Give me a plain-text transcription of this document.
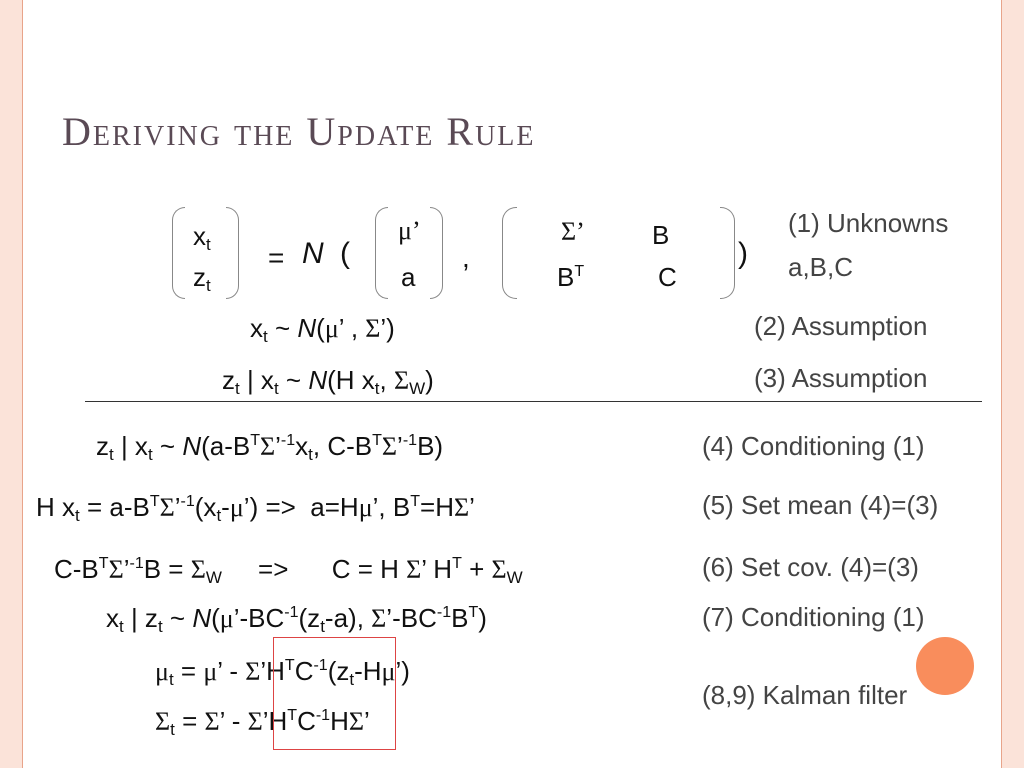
Deriving the Update Rule
$x_t$
$z_t$
= N (
μ’
a
,
Σ’	B
$B^T$	C
)
(1) Unknowns
a,B,C
(2) Assumption
(3) Assumption
(4) Conditioning (1)
(5) Set mean (4)=(3)
(6) Set cov. (4)=(3)
(7) Conditioning (1)
(8,9) Kalman filter
$x_t$ ~ N(μ’ , Σ’)
$z_t$ | $x_t$ ~ N(H $x_t$, $\Sigma_W$)
$z_t$ | $x_t$ ~ $N(a-B^T\Sigma’^{-1}x_t$, $C-B^T\Sigma’^{-1}B$)
H $x_t$ = $a-B^T\Sigma’^{-1}(x_t-\mu’) => a=H\mu$’, $B^T=H\Sigma$’
$C-B^T\Sigma’^{-1}B = \Sigma_W$     =>      C = H Σ’ $H^T + \Sigma_W$
$x_t$ | $z_t$ ~ $N(\mu’-BC^{-1}(z_t-a)$, $\Sigma’-BC^{-1}B^T$)
$\mu_t = \mu$’ - $\Sigma’H^TC^{-1}(z_t-H\mu’)$
$\Sigma_t = \Sigma$’ - $\Sigma’H^TC^{-1}H\Sigma$’
